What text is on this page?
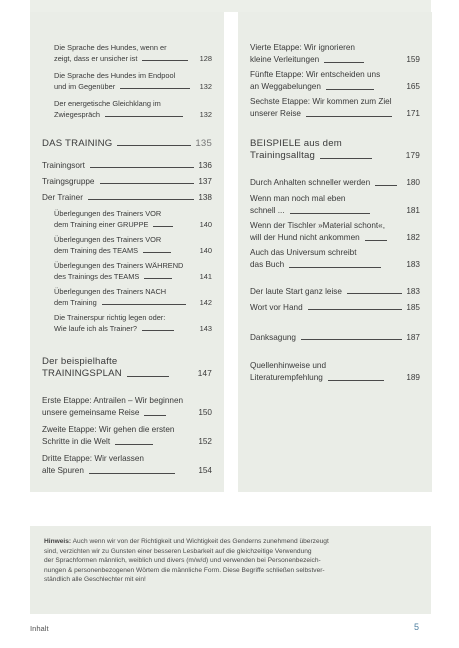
Die Sprache des Hundes, wenn er
zeigt, dass er unsicher ist	128
Die Sprache des Hundes im Endpool
und im Gegenüber	132
Der energetische Gleichklang im
Zwiegespräch	132
DAS TRAINING	135
Trainingsort	136
Traingsgruppe	137
Der Trainer	138
Überlegungen des Trainers VOR
dem Training einer GRUPPE	140
Überlegungen des Trainers VOR
dem Training des TEAMS	140
Überlegungen des Trainers WÄHREND
des Trainings des TEAMS	141
Überlegungen des Trainers NACH
dem Training	142
Die Trainerspur richtig legen oder:
Wie laufe ich als Trainer?	143
Der beispielhafte
TRAININGSPLAN	147
Erste Etappe: Antrailen – Wir beginnen
unsere gemeinsame Reise	150
Zweite Etappe: Wir gehen die ersten
Schritte in die Welt	152
Dritte Etappe: Wir verlassen
alte Spuren	154
Vierte Etappe: Wir ignorieren
kleine Verleitungen	159
Fünfte Etappe: Wir entscheiden uns
an Weggabelungen	165
Sechste Etappe: Wir kommen zum Ziel
unserer Reise	171
BEISPIELE aus dem
Trainingsalltag	179
Durch Anhalten schneller werden	180
Wenn man noch mal eben
schnell ...	181
Wenn der Tischler »Material schont«,
will der Hund nicht ankommen	182
Auch das Universum schreibt
das Buch	183
Der laute Start ganz leise	183
Wort vor Hand	185
Danksagung	187
Quellenhinweise und
Literaturempfehlung	189
Hinweis: Auch wenn wir von der Richtigkeit und Wichtigkeit des Genderns zunehmend überzeugt
sind, verzichten wir zu Gunsten einer besseren Lesbarkeit auf die gleichzeitige Verwendung
der Sprachformen männlich, weiblich und divers (m/w/d) und verwenden bei Personenbezeich-
nungen & personenbezogenen Wörtern die männliche Form. Diese Begriffe schließen selbstver-
ständlich alle Geschlechter mit ein!
Inhalt	5
